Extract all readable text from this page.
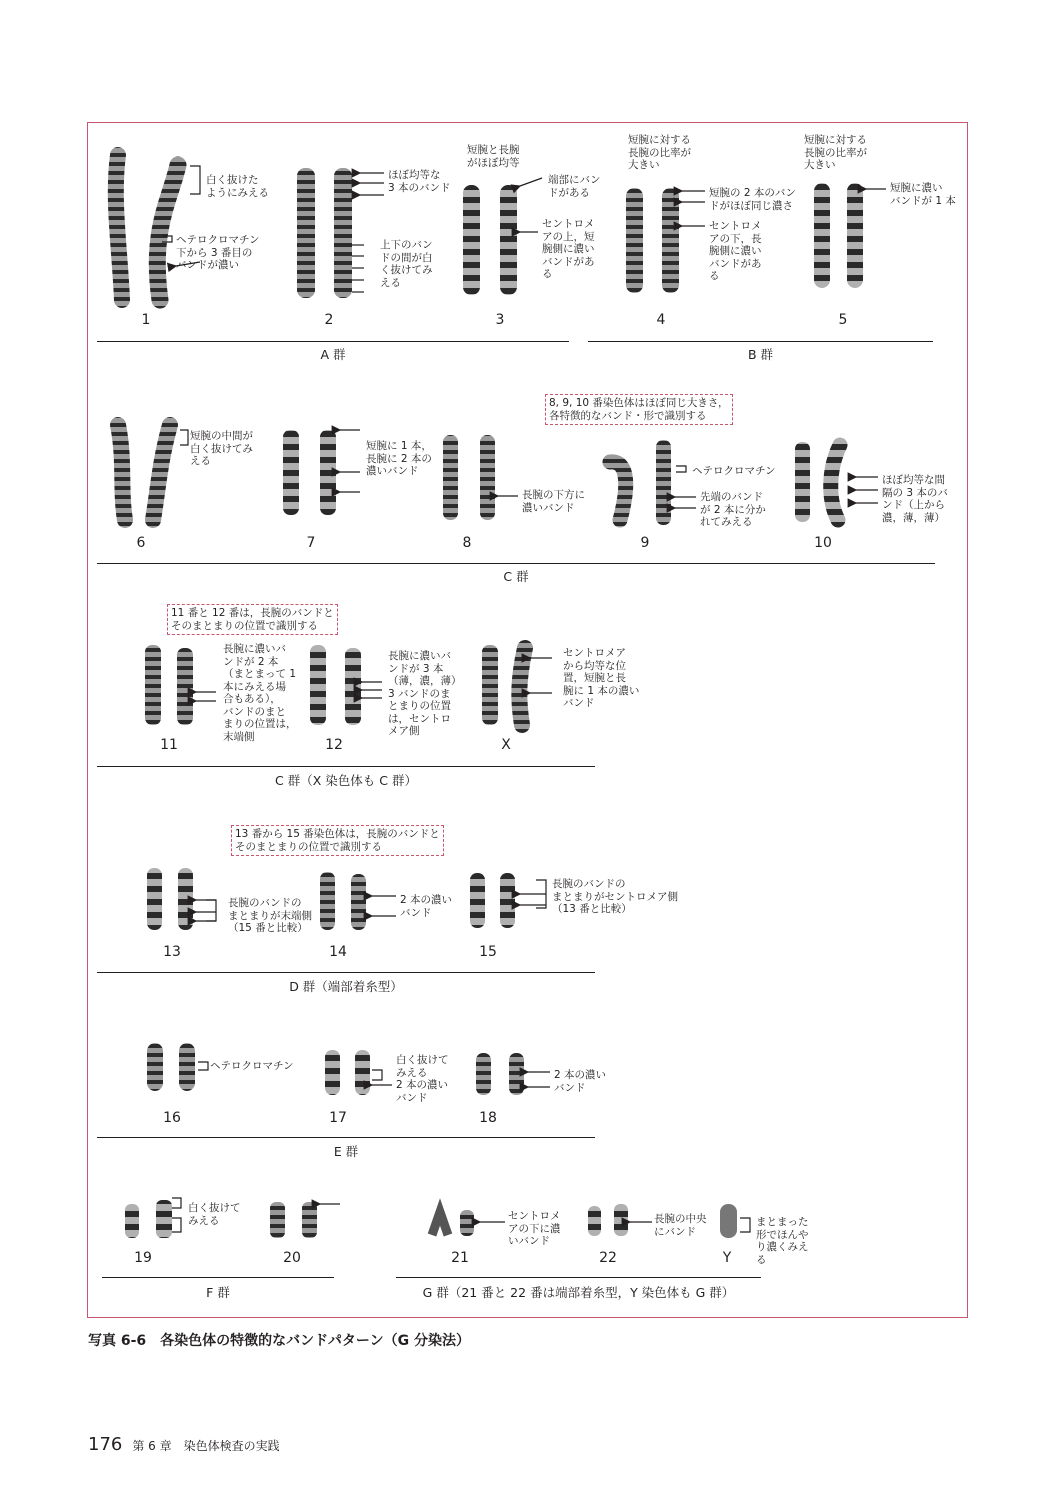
1	2	3	4	5
6	7	8	9	10
11	12	X
13	14	15
16	17	18
19	20	21	22	Y
白く抜けた
ようにみえる
ヘテロクロマチン
下から 3 番目の
バンドが濃い
ほぼ均等な
3 本のバンド
上下のバン
ドの間が白
く抜けてみ
える
短腕と長腕
がほぼ均等
端部にバン
ドがある
セントロメ
アの上，短
腕側に濃い
バンドがあ
る
短腕に対する
長腕の比率が
大きい
短腕の 2 本のバン
ドがほぼ同じ濃さ
セントロメ
アの下，長
腕側に濃い
バンドがあ
る
短腕に対する
長腕の比率が
大きい
短腕に濃い
バンドが 1 本
短腕の中間が
白く抜けてみ
える
短腕に 1 本，
長腕に 2 本の
濃いバンド
長腕の下方に
濃いバンド
8, 9, 10 番染色体はほぼ同じ大きさ，
各特徴的なバンド・形で識別する
ヘテロクロマチン
先端のバンド
が 2 本に分か
れてみえる
ほぼ均等な間
隔の 3 本のバ
ンド（上から
濃，薄，薄）
11 番と 12 番は，長腕のバンドと
そのまとまりの位置で識別する
長腕に濃いバ
ンドが 2 本
（まとまって 1
本にみえる場
合もある），
バンドのまと
まりの位置は，
末端側
長腕に濃いバ
ンドが 3 本
（薄，濃，薄）
3 バンドのま
とまりの位置
は，セントロ
メア側
セントロメア
から均等な位
置，短腕と長
腕に 1 本の濃い
バンド
13 番から 15 番染色体は，長腕のバンドと
そのまとまりの位置で識別する
長腕のバンドの
まとまりが末端側
（15 番と比較）
2 本の濃い
バンド
長腕のバンドの
まとまりがセントロメア側
（13 番と比較）
ヘテロクロマチン	白く抜けて
みえる
2 本の濃い
バンド
2 本の濃い
バンド
白く抜けて
みえる	セントロメ
アの下に濃
いバンド
長腕の中央
にバンド
まとまった
形でほんや
り濃くみえ
る
A 群	B 群
C 群
C 群（X 染色体も C 群）
D 群（端部着糸型）
E 群
F 群	G 群（21 番と 22 番は端部着糸型，Y 染色体も G 群）
写真 6-6　各染色体の特徴的なバンドパターン（G 分染法）
176 第 6 章　染色体検査の実践
